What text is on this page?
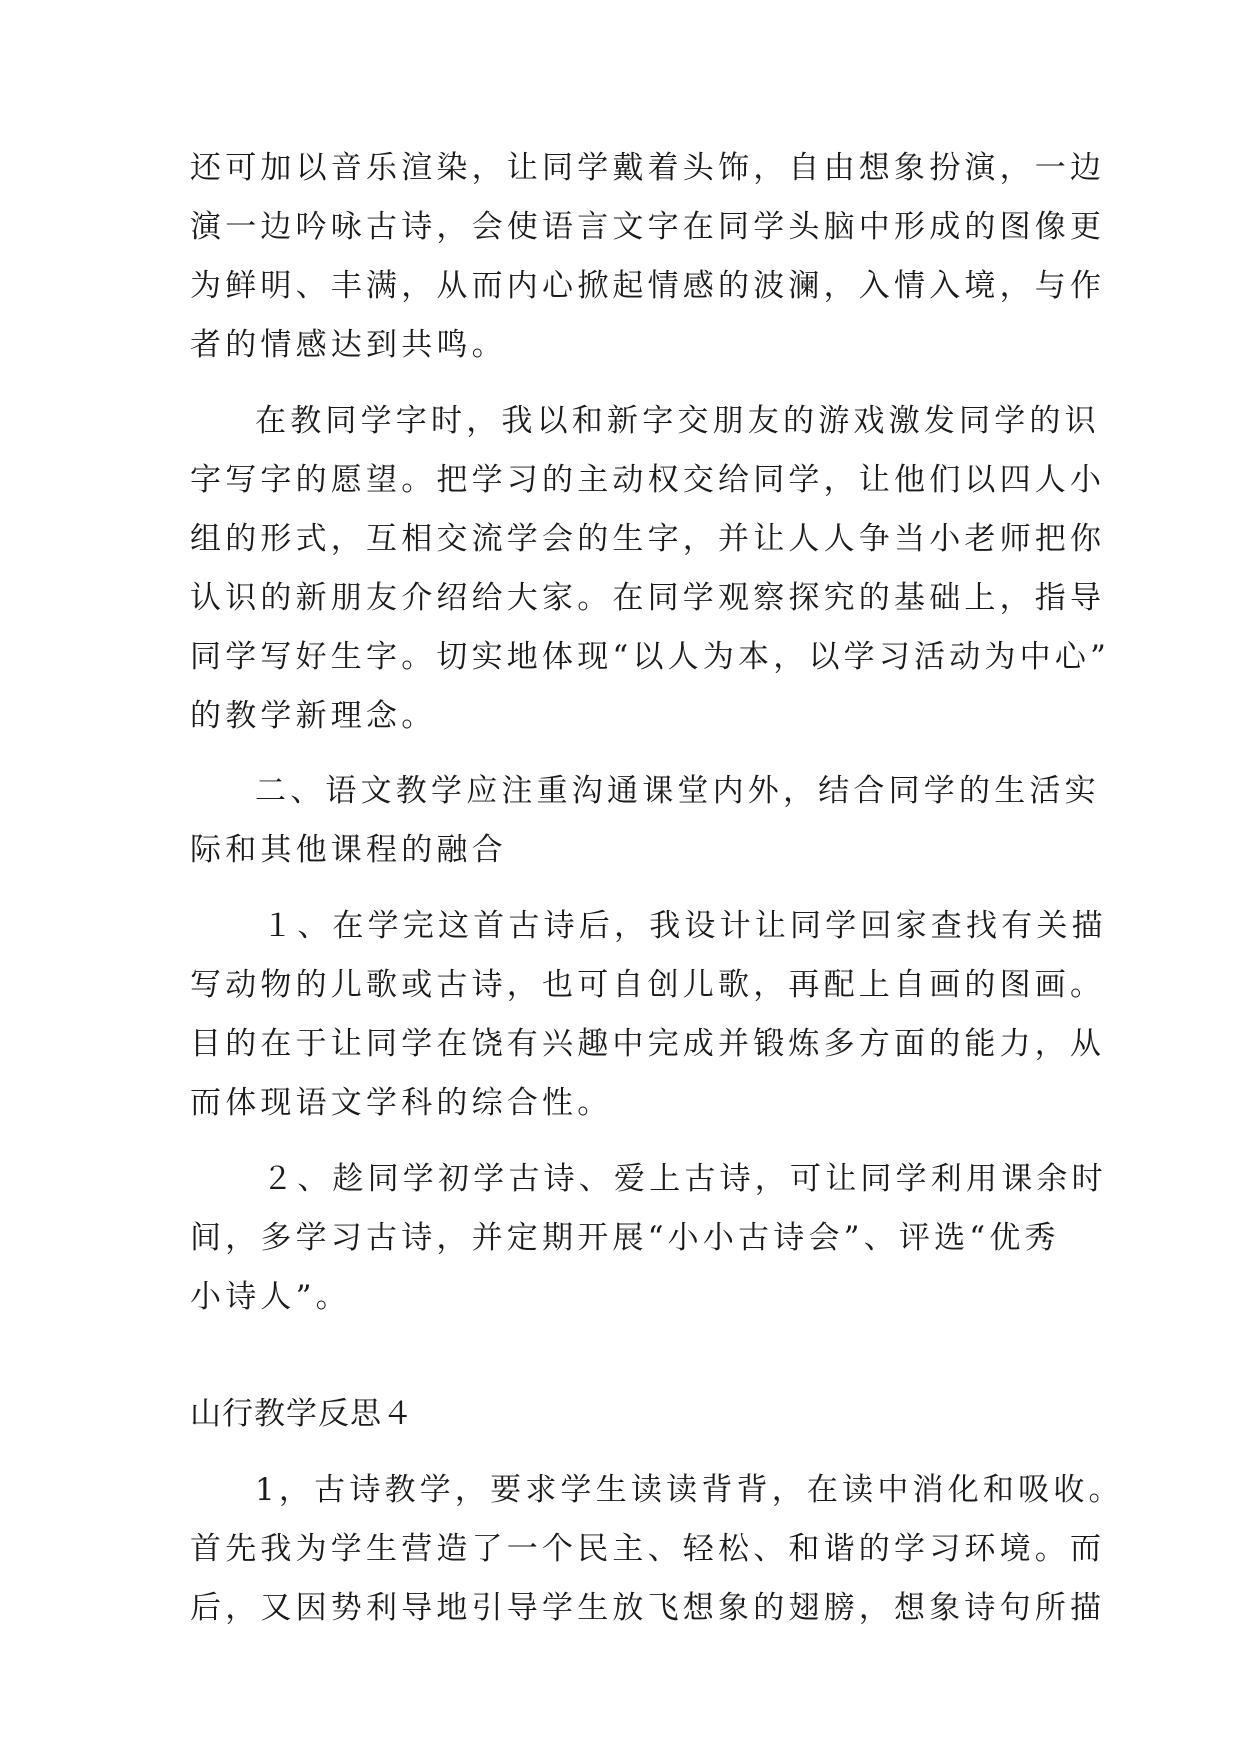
还可加以音乐渲染，让同学戴着头饰，自由想象扮演，一边
演一边吟咏古诗，会使语言文字在同学头脑中形成的图像更
为鲜明、丰满，从而内心掀起情感的波澜，入情入境，与作
者的情感达到共鸣。
在教同学字时，我以和新字交朋友的游戏激发同学的识
字写字的愿望。把学习的主动权交给同学，让他们以四人小
组的形式，互相交流学会的生字，并让人人争当小老师把你
认识的新朋友介绍给大家。在同学观察探究的基础上，指导
同学写好生字。切实地体现“以人为本，以学习活动为中心”
的教学新理念。
二、语文教学应注重沟通课堂内外，结合同学的生活实
际和其他课程的融合
１、在学完这首古诗后，我设计让同学回家查找有关描
写动物的儿歌或古诗，也可自创儿歌，再配上自画的图画。
目的在于让同学在饶有兴趣中完成并锻炼多方面的能力，从
而体现语文学科的综合性。
２、趁同学初学古诗、爱上古诗，可让同学利用课余时
间，多学习古诗，并定期开展“小小古诗会”、评选“优秀
小诗人”。
山行教学反思４
1，古诗教学，要求学生读读背背，在读中消化和吸收。
首先我为学生营造了一个民主、轻松、和谐的学习环境。而
后，又因势利导地引导学生放飞想象的翅膀，想象诗句所描
